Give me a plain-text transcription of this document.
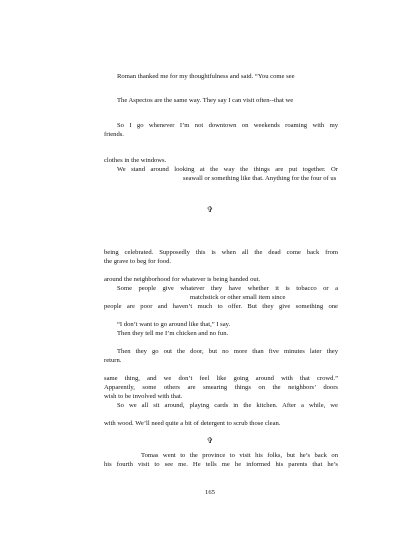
Roman thanked me for my thoughtfulness and said. “You come see
The Aspectos are the same way. They say I can visit often--that we
So I go whenever I’m not downtown on weekends roaming with my
friends.
clothes in the windows.
We stand around looking at the way the things are put together. Or
seawall or something like that. Anything for the four of us
✞
being celebrated. Supposedly this is when all the dead come back from
the grave to beg for food.
around the neighborhood for whatever is being handed out.
Some people give whatever they have whether it is tobacco or a
matchstick or other small item since
people are poor and haven’t much to offer. But they give something one
“I don’t want to go around like that,” I say.
Then they tell me I’m chicken and no fun.
Then they go out the door, but no more than five minutes later they
return.
same thing, and we don’t feel like going around with that crowd.”
Apparently, some others are smearing things on the neighbors’ doors
165
wish to be involved with that.
So we all sit around, playing cards in the kitchen. After a while, we
with wood. We’ll need quite a bit of detergent to scrub those clean.
✞
Tomas went to the province to visit his folks, but he’s back on
his fourth visit to see me. He tells me he informed his parents that he’s
